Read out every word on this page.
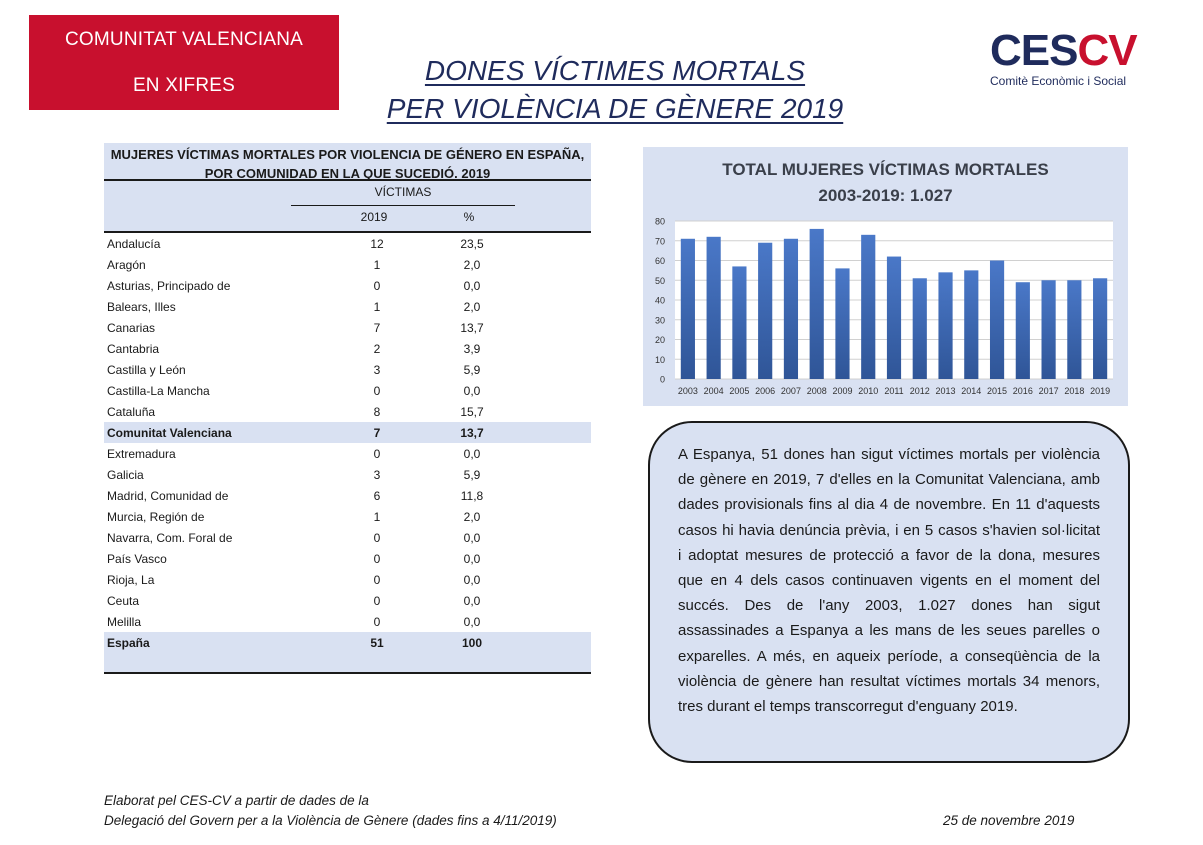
COMUNITAT VALENCIANA
EN XIFRES	DONES VÍCTIMES MORTALS
PER VIOLÈNCIA DE GÈNERE 2019
CESCV
Comitè Econòmic i Social
MUJERES VÍCTIMAS MORTALES POR VIOLENCIA DE GÉNERO EN ESPAÑA, POR COMUNIDAD EN LA QUE SUCEDIÓ. 2019
VÍCTIMAS
2019	%
Andalucía	12	23,5
Aragón	1	2,0
Asturias, Principado de	0	0,0
Balears, Illes	1	2,0
Canarias	7	13,7
Cantabria	2	3,9
Castilla y León	3	5,9
Castilla-La Mancha	0	0,0
Cataluña	8	15,7
Comunitat Valenciana	7	13,7
Extremadura	0	0,0
Galicia	3	5,9
Madrid, Comunidad de	6	11,8
Murcia, Región de	1	2,0
Navarra, Com. Foral de	0	0,0
País Vasco	0	0,0
Rioja, La	0	0,0
Ceuta	0	0,0
Melilla	0	0,0
España	51	100
TOTAL MUJERES VÍCTIMAS MORTALES
2003-2019: 1.027
0
10
20
30
40
50
60
70
80
2003 2004 2005 2006 2007 2008 2009 2010 2011 2012 2013 2014 2015 2016 2017 2018 2019
A Espanya, 51 dones han sigut víctimes mortals per violència de gènere en 2019, 7 d'elles en la Comunitat Valenciana, amb dades provisionals fins al dia 4 de novembre. En 11 d'aquests casos hi havia denúncia prèvia, i en 5 casos s'havien sol·licitat i adoptat mesures de protecció a favor de la dona, mesures que en 4 dels casos continuaven vigents en el moment del succés. Des de l'any 2003, 1.027 dones han sigut assassinades a Espanya a les mans de les seues parelles o exparelles. A més, en aqueix període, a conseqüència de la violència de gènere han resultat víctimes mortals 34 menors, tres durant el temps transcorregut d'enguany 2019.
Elaborat pel CES-CV a partir de dades de la
Delegació del Govern per a la Violència de Gènere (dades fins a 4/11/2019)	25 de novembre 2019
